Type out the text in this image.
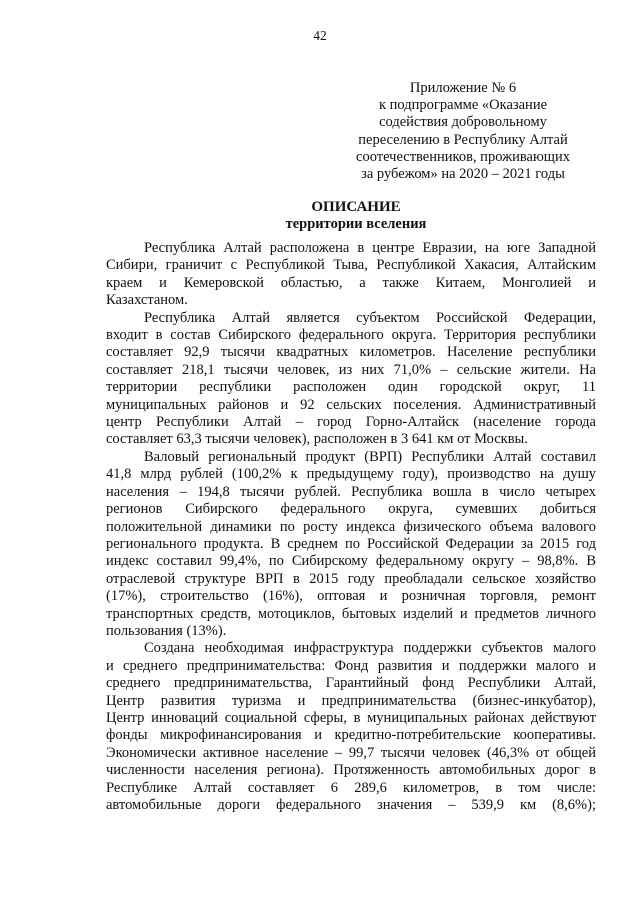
42
Приложение № 6
к подпрограмме «Оказание
содействия добровольному
переселению в Республику Алтай
соотечественников, проживающих
за рубежом» на 2020 – 2021 годы
ОПИСАНИЕ
территории вселения

Республика Алтай расположена в центре Евразии, на юге Западной
Сибири, граничит с Республикой Тыва, Республикой Хакасия, Алтайским
краем и Кемеровской областью, а также Китаем, Монголией и
Казахстаном.

Республика Алтай является субъектом Российской Федерации,
входит в состав Сибирского федерального округа. Территория республики
составляет 92,9 тысячи квадратных километров. Население республики
составляет 218,1 тысячи человек, из них 71,0% – сельские жители. На
территории республики расположен один городской округ, 11
муниципальных районов и 92 сельских поселения. Административный
центр Республики Алтай – город Горно-Алтайск (население города
составляет 63,3 тысячи человек), расположен в 3 641 км от Москвы.

Валовый региональный продукт (ВРП) Республики Алтай составил
41,8 млрд рублей (100,2% к предыдущему году), производство на душу
населения – 194,8 тысячи рублей. Республика вошла в число четырех
регионов Сибирского федерального округа, сумевших добиться
положительной динамики по росту индекса физического объема валового
регионального продукта. В среднем по Российской Федерации за 2015 год
индекс составил 99,4%, по Сибирскому федеральному округу – 98,8%. В
отраслевой структуре ВРП в 2015 году преобладали сельское хозяйство
(17%), строительство (16%), оптовая и розничная торговля, ремонт
транспортных средств, мотоциклов, бытовых изделий и предметов личного
пользования (13%).

Создана необходимая инфраструктура поддержки субъектов малого
и среднего предпринимательства: Фонд развития и поддержки малого и
среднего предпринимательства, Гарантийный фонд Республики Алтай,
Центр развития туризма и предпринимательства (бизнес-инкубатор),
Центр инноваций социальной сферы, в муниципальных районах действуют
фонды микрофинансирования и кредитно-потребительские кооперативы.
Экономически активное население – 99,7 тысячи человек (46,3% от общей
численности населения региона). Протяженность автомобильных дорог в
Республике Алтай составляет 6 289,6 километров, в том числе:
автомобильные дороги федерального значения – 539,9 км (8,6%);
